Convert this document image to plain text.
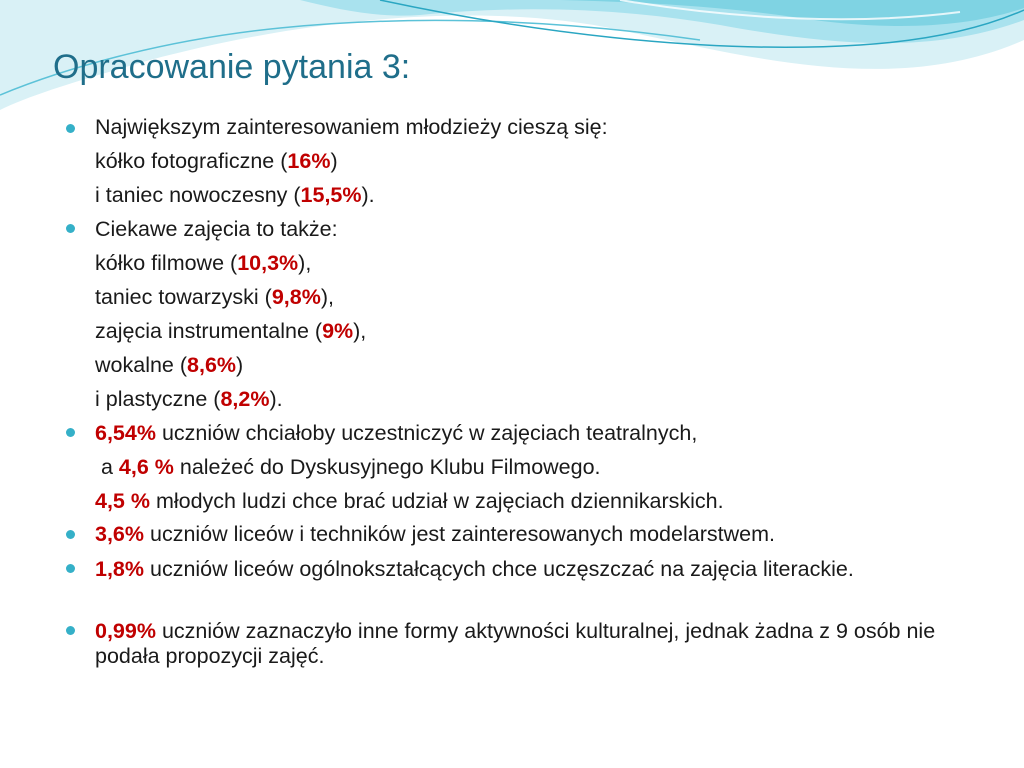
Opracowanie pytania 3:
Największym zainteresowaniem młodzieży cieszą się:
kółko fotograficzne (16%)
i taniec nowoczesny (15,5%).
Ciekawe zajęcia to także:
kółko filmowe (10,3%),
taniec towarzyski (9,8%),
zajęcia instrumentalne (9%),
wokalne (8,6%)
i plastyczne (8,2%).
6,54% uczniów chciałoby uczestniczyć w zajęciach teatralnych,
a 4,6 % należeć do Dyskusyjnego Klubu Filmowego.
4,5 % młodych ludzi chce brać udział w zajęciach dziennikarskich.
3,6% uczniów liceów i techników jest zainteresowanych modelarstwem.
1,8% uczniów liceów ogólnokształcących chce uczęszczać na zajęcia literackie.
0,99% uczniów zaznaczyło inne formy aktywności kulturalnej, jednak żadna z 9 osób nie podała propozycji zajęć.
